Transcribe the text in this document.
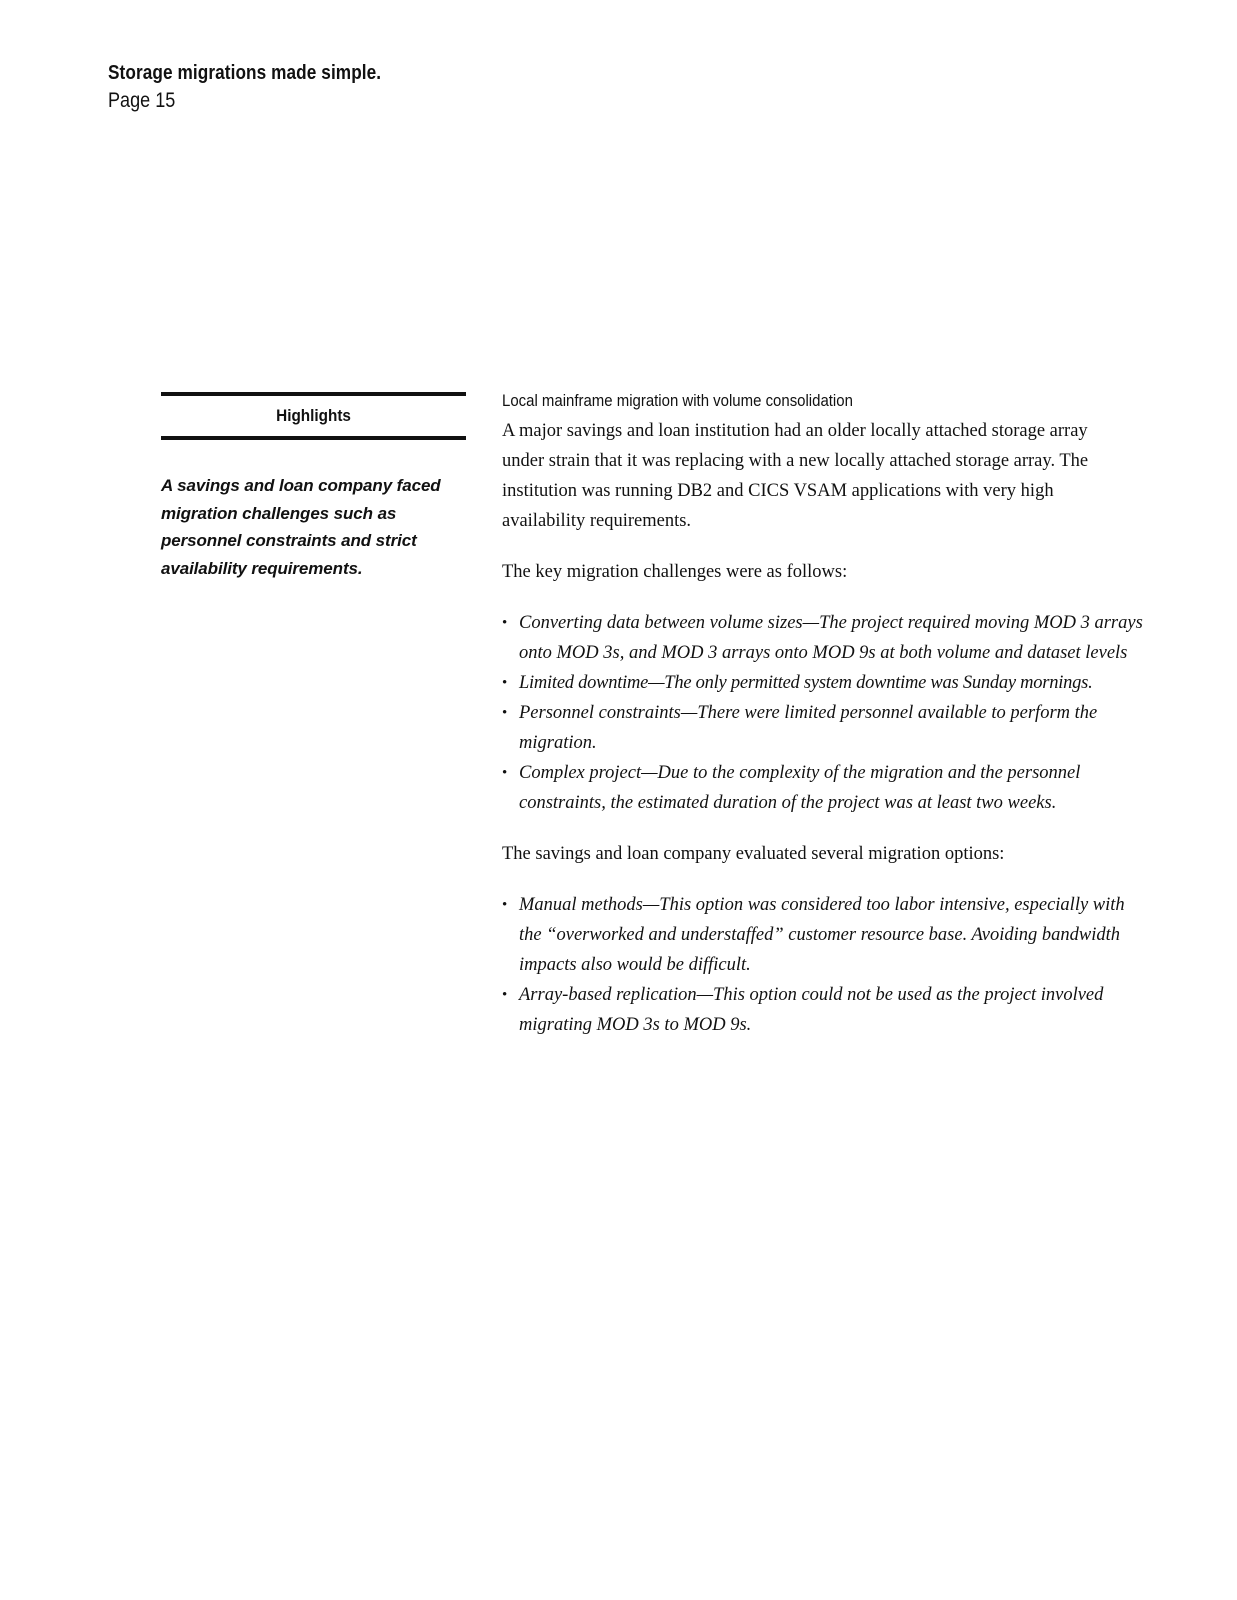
Storage migrations made simple.
Page 15
Highlights
A savings and loan company faced migration challenges such as personnel constraints and strict availability requirements.
Local mainframe migration with volume consolidation

A major savings and loan institution had an older locally attached storage array under strain that it was replacing with a new locally attached storage array. The institution was running DB2 and CICS VSAM applications with very high availability requirements.

The key migration challenges were as follows:

• Converting data between volume sizes—The project required moving MOD 3 arrays onto MOD 3s, and MOD 3 arrays onto MOD 9s at both volume and dataset levels
• Limited downtime—The only permitted system downtime was Sunday mornings.
• Personnel constraints—There were limited personnel available to perform the migration.
• Complex project—Due to the complexity of the migration and the personnel constraints, the estimated duration of the project was at least two weeks.

The savings and loan company evaluated several migration options:

• Manual methods—This option was considered too labor intensive, especially with the “overworked and understaffed” customer resource base. Avoiding bandwidth impacts also would be difficult.
• Array-based replication—This option could not be used as the project involved migrating MOD 3s to MOD 9s.
